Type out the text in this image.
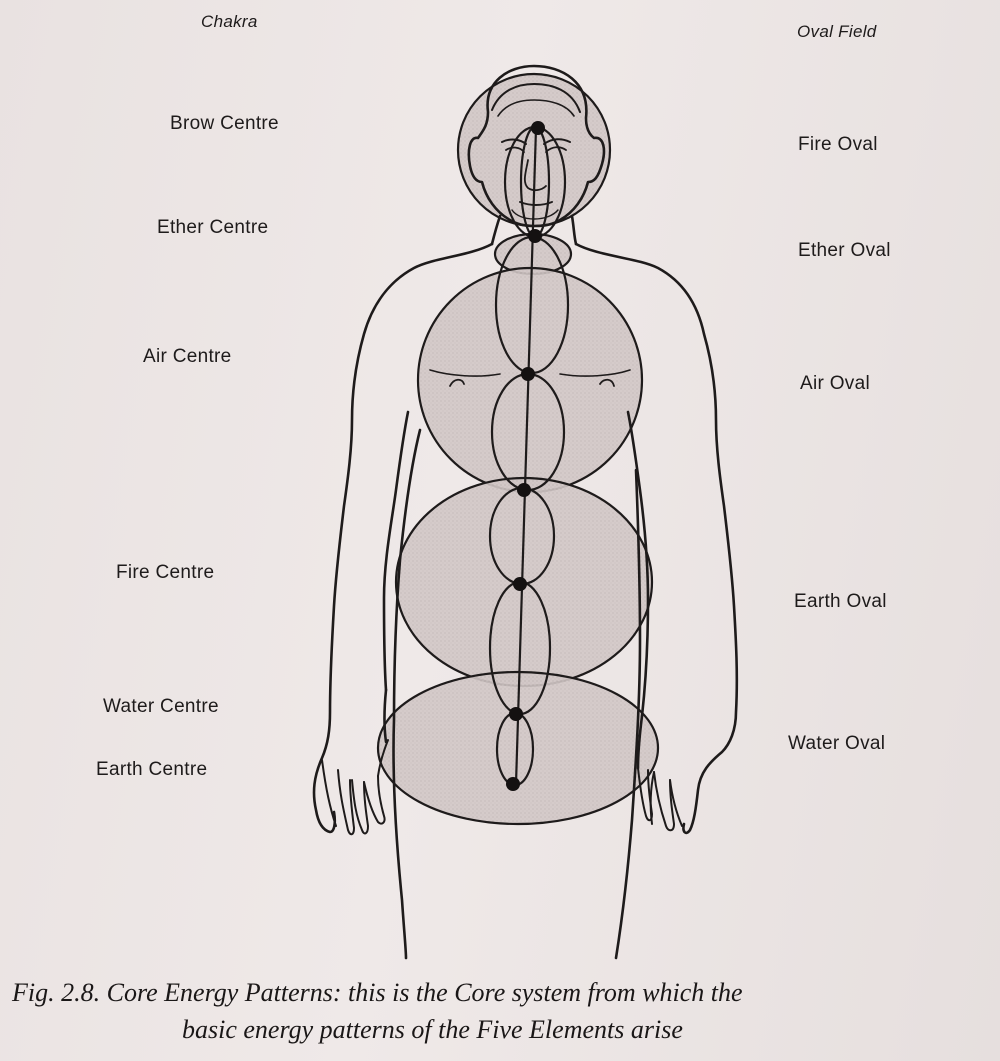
Chakra
Brow Centre
Ether Centre
Air Centre
Fire Centre
Water Centre
Earth Centre
Oval Field
Fire Oval
Ether Oval
Air Oval
Earth Oval
Water Oval
Fig. 2.8. Core Energy Patterns: this is the Core system from which the
basic energy patterns of the Five Elements arise
